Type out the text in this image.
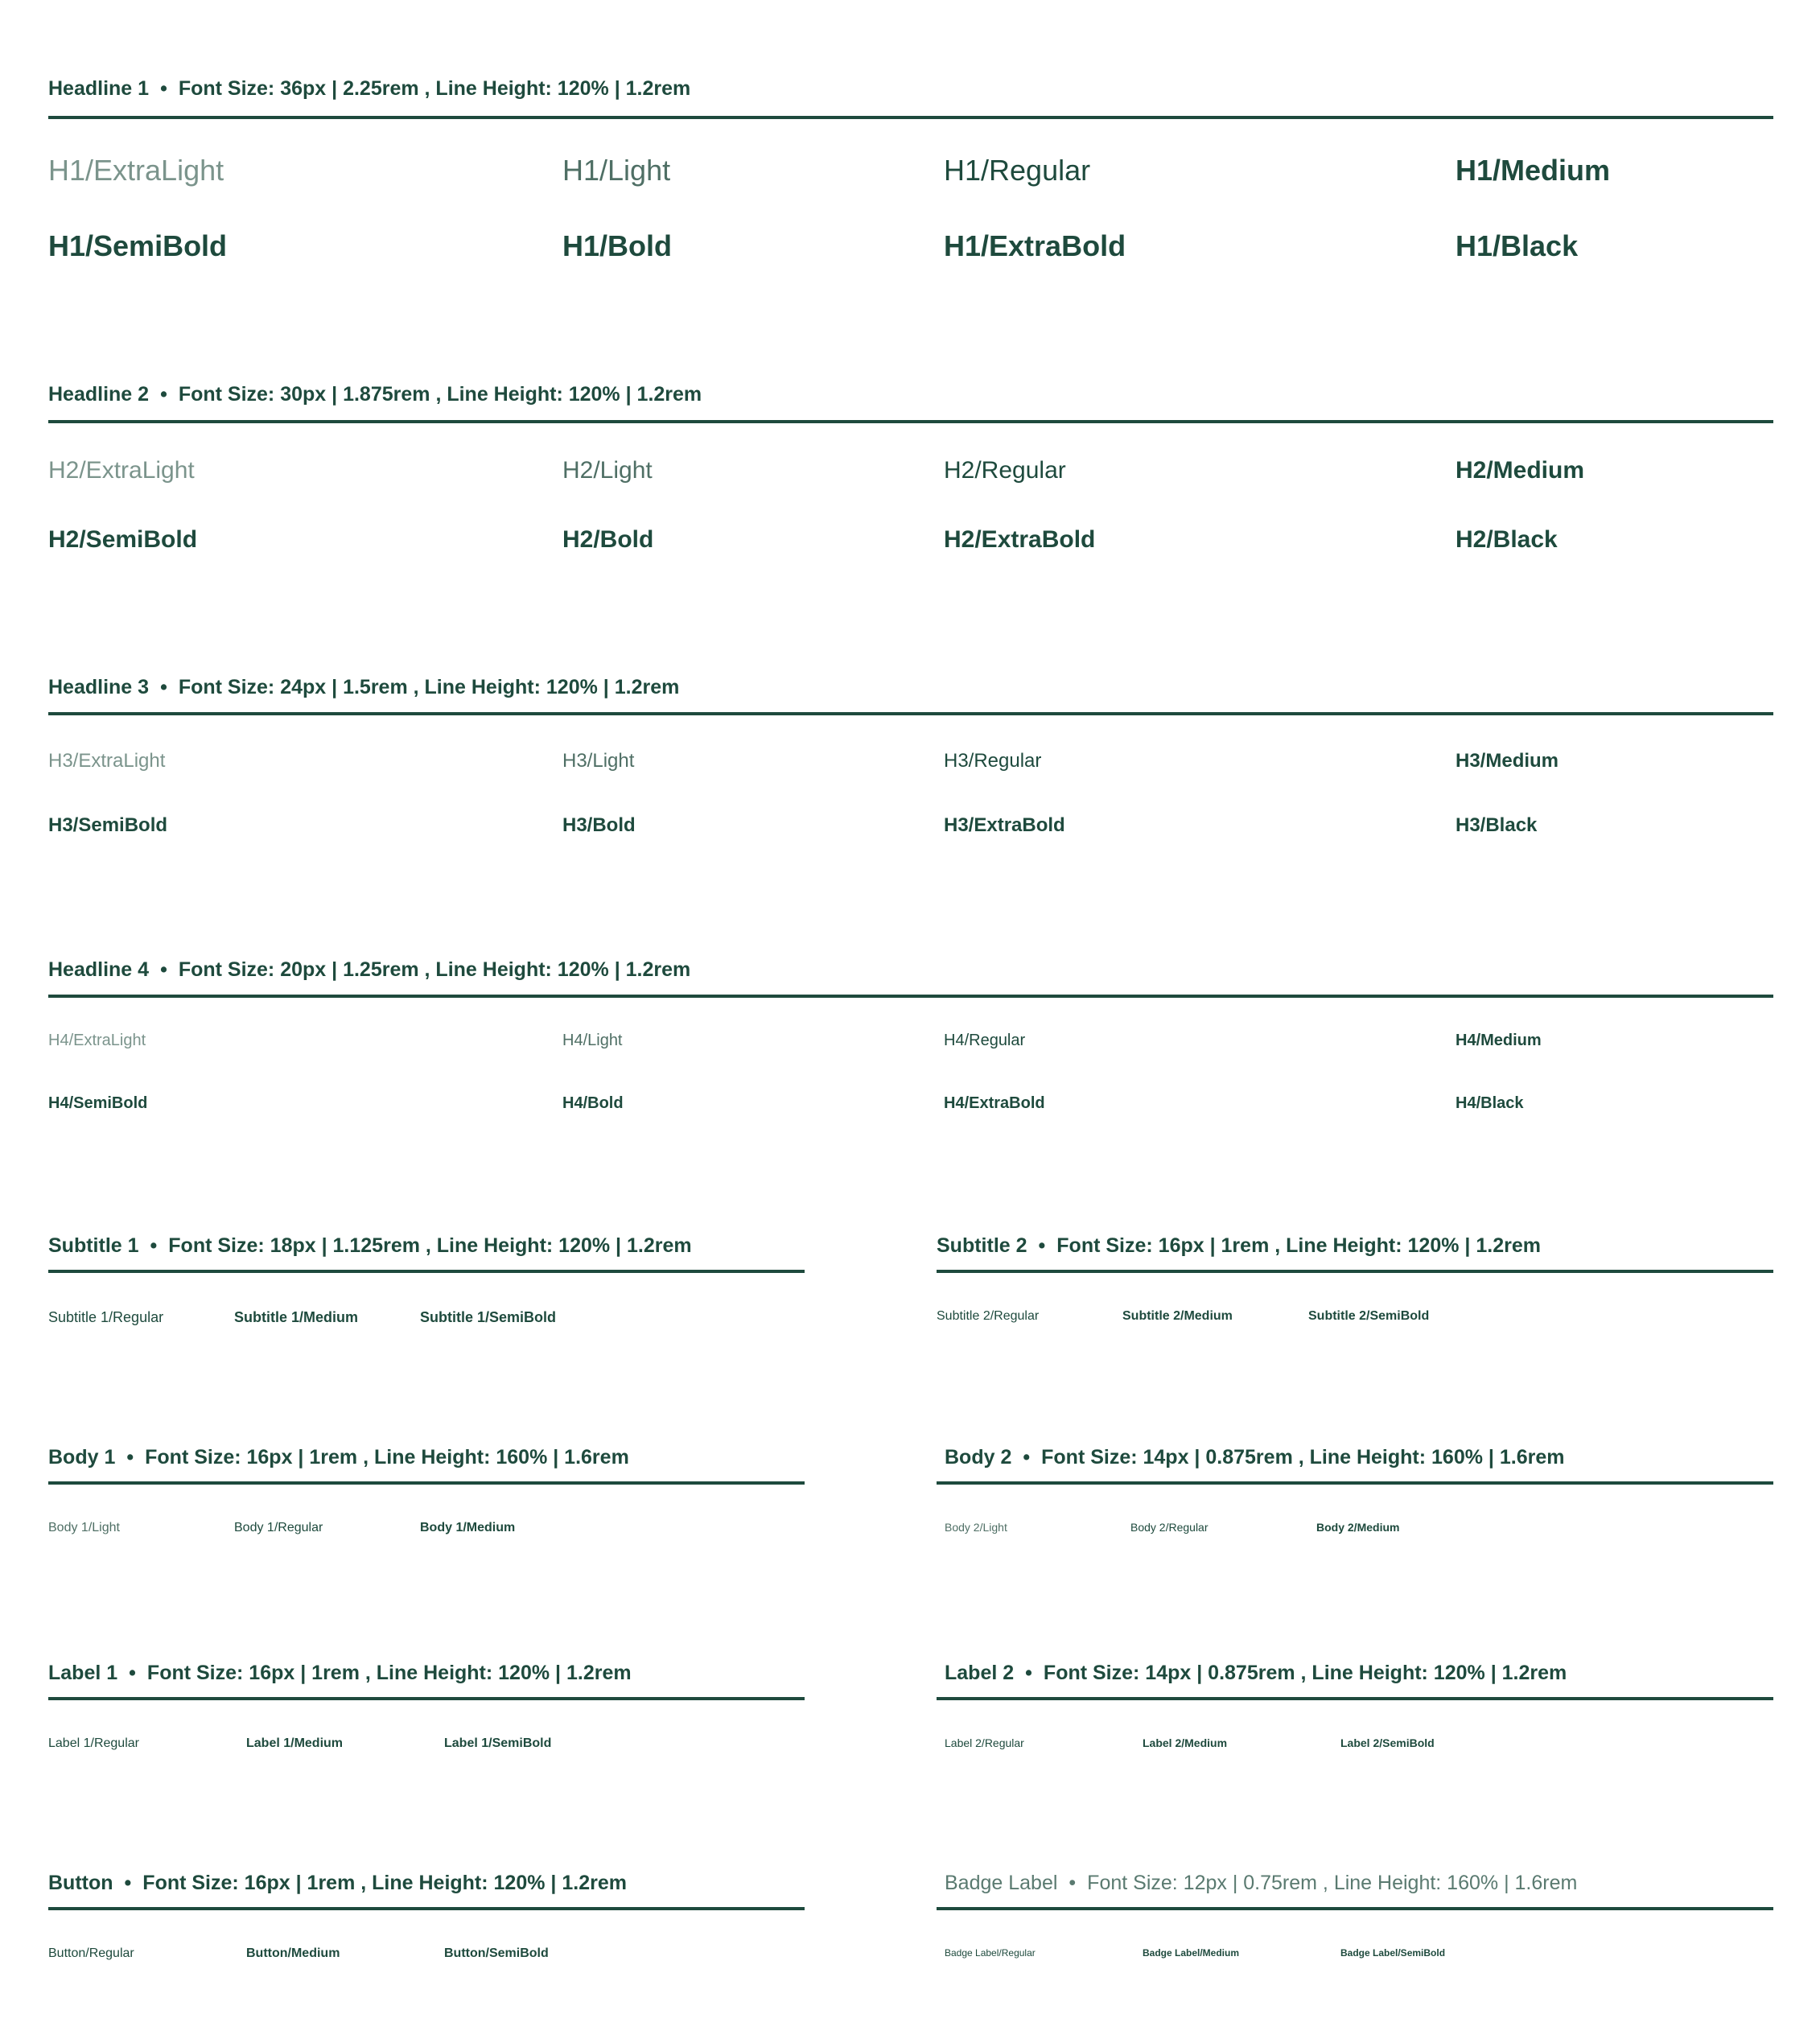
Headline 1 • Font Size: 36px | 2.25rem , Line Height: 120% | 1.2rem
H1/ExtraLight	H1/Light	H1/Regular	H1/Medium
H1/SemiBold	H1/Bold	H1/ExtraBold	H1/Black
Headline 2 • Font Size: 30px | 1.875rem , Line Height: 120% | 1.2rem
H2/ExtraLight	H2/Light	H2/Regular	H2/Medium
H2/SemiBold	H2/Bold	H2/ExtraBold	H2/Black
Headline 3 • Font Size: 24px | 1.5rem , Line Height: 120% | 1.2rem
H3/ExtraLight	H3/Light	H3/Regular	H3/Medium
H3/SemiBold	H3/Bold	H3/ExtraBold	H3/Black
Headline 4 • Font Size: 20px | 1.25rem , Line Height: 120% | 1.2rem
H4/ExtraLight	H4/Light	H4/Regular	H4/Medium
H4/SemiBold	H4/Bold	H4/ExtraBold	H4/Black
Subtitle 1 • Font Size: 18px | 1.125rem , Line Height: 120% | 1.2rem
Subtitle 1/Regular	Subtitle 1/Medium	Subtitle 1/SemiBold
Subtitle 2 • Font Size: 16px | 1rem , Line Height: 120% | 1.2rem
Subtitle 2/Regular	Subtitle 2/Medium	Subtitle 2/SemiBold
Body 1 • Font Size: 16px | 1rem , Line Height: 160% | 1.6rem
Body 1/Light	Body 1/Regular	Body 1/Medium
Body 2 • Font Size: 14px | 0.875rem , Line Height: 160% | 1.6rem
Body 2/Light	Body 2/Regular	Body 2/Medium
Label 1 • Font Size: 16px | 1rem , Line Height: 120% | 1.2rem
Label 1/Regular	Label 1/Medium	Label 1/SemiBold
Label 2 • Font Size: 14px | 0.875rem , Line Height: 120% | 1.2rem
Label 2/Regular	Label 2/Medium	Label 2/SemiBold
Button • Font Size: 16px | 1rem , Line Height: 120% | 1.2rem
Button/Regular	Button/Medium	Button/SemiBold
Badge Label • Font Size: 12px | 0.75rem , Line Height: 160% | 1.6rem
Badge Label/Regular	Badge Label/Medium	Badge Label/SemiBold
